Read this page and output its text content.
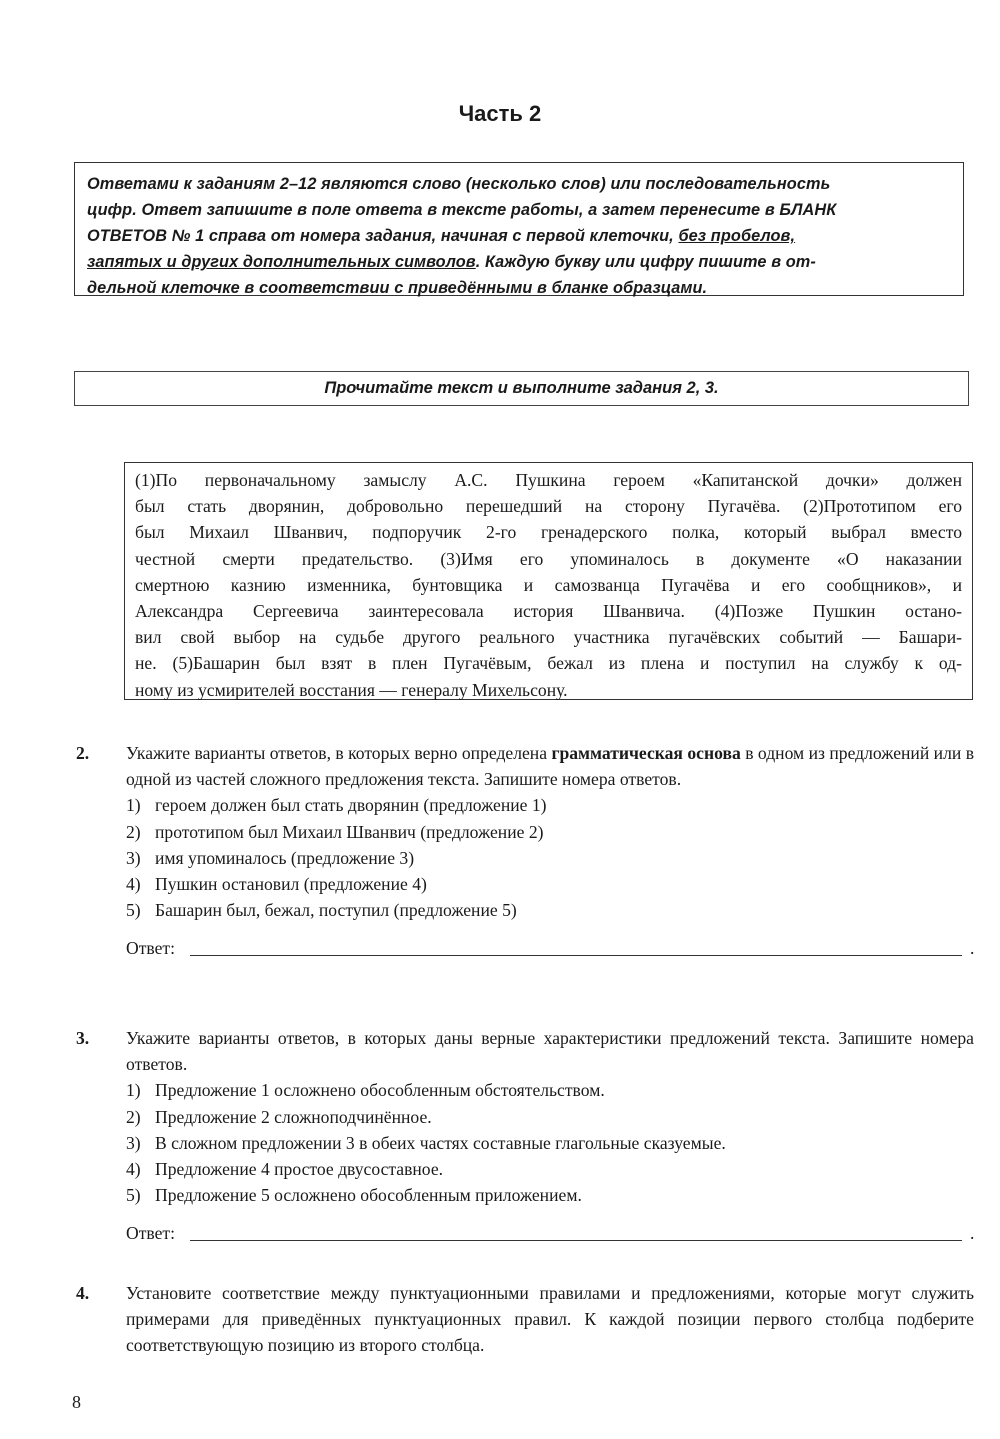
Часть 2
Ответами к заданиям 2–12 являются слово (несколько слов) или последовательность
цифр. Ответ запишите в поле ответа в тексте работы, а затем перенесите в БЛАНК
ОТВЕТОВ № 1 справа от номера задания, начиная с первой клеточки, без пробелов,
запятых и других дополнительных символов. Каждую букву или цифру пишите в от-
дельной клеточке в соответствии с приведёнными в бланке образцами.
Прочитайте текст и выполните задания 2, 3.
(1)По первоначальному замыслу А.С. Пушкина героем «Капитанской дочки» должен
был стать дворянин, добровольно перешедший на сторону Пугачёва. (2)Прототипом его
был Михаил Шванвич, подпоручик 2-го гренадерского полка, который выбрал вместо
честной смерти предательство. (3)Имя его упоминалось в документе «О наказании
смертною казнию изменника, бунтовщика и самозванца Пугачёва и его сообщников», и
Александра Сергеевича заинтересовала история Шванвича. (4)Позже Пушкин остано-
вил свой выбор на судьбе другого реального участника пугачёвских событий — Башари-
не. (5)Башарин был взят в плен Пугачёвым, бежал из плена и поступил на службу к од-
ному из усмирителей восстания — генералу Михельсону.
2. Укажите варианты ответов, в которых верно определена грамматическая основа в одном из предложений или в одной из частей сложного предложения текста. Запишите номера ответов.
1) героем должен был стать дворянин (предложение 1)
2) прототипом был Михаил Шванвич (предложение 2)
3) имя упоминалось (предложение 3)
4) Пушкин остановил (предложение 4)
5) Башарин был, бежал, поступил (предложение 5)
Ответ:	.
3. Укажите варианты ответов, в которых даны верные характеристики предложений текста. Запишите номера ответов.
1) Предложение 1 осложнено обособленным обстоятельством.
2) Предложение 2 сложноподчинённое.
3) В сложном предложении 3 в обеих частях составные глагольные сказуемые.
4) Предложение 4 простое двусоставное.
5) Предложение 5 осложнено обособленным приложением.
Ответ:	.
4. Установите соответствие между пунктуационными правилами и предложениями, которые могут служить примерами для приведённых пунктуационных правил. К каждой позиции первого столбца подберите соответствующую позицию из второго столбца.
8
